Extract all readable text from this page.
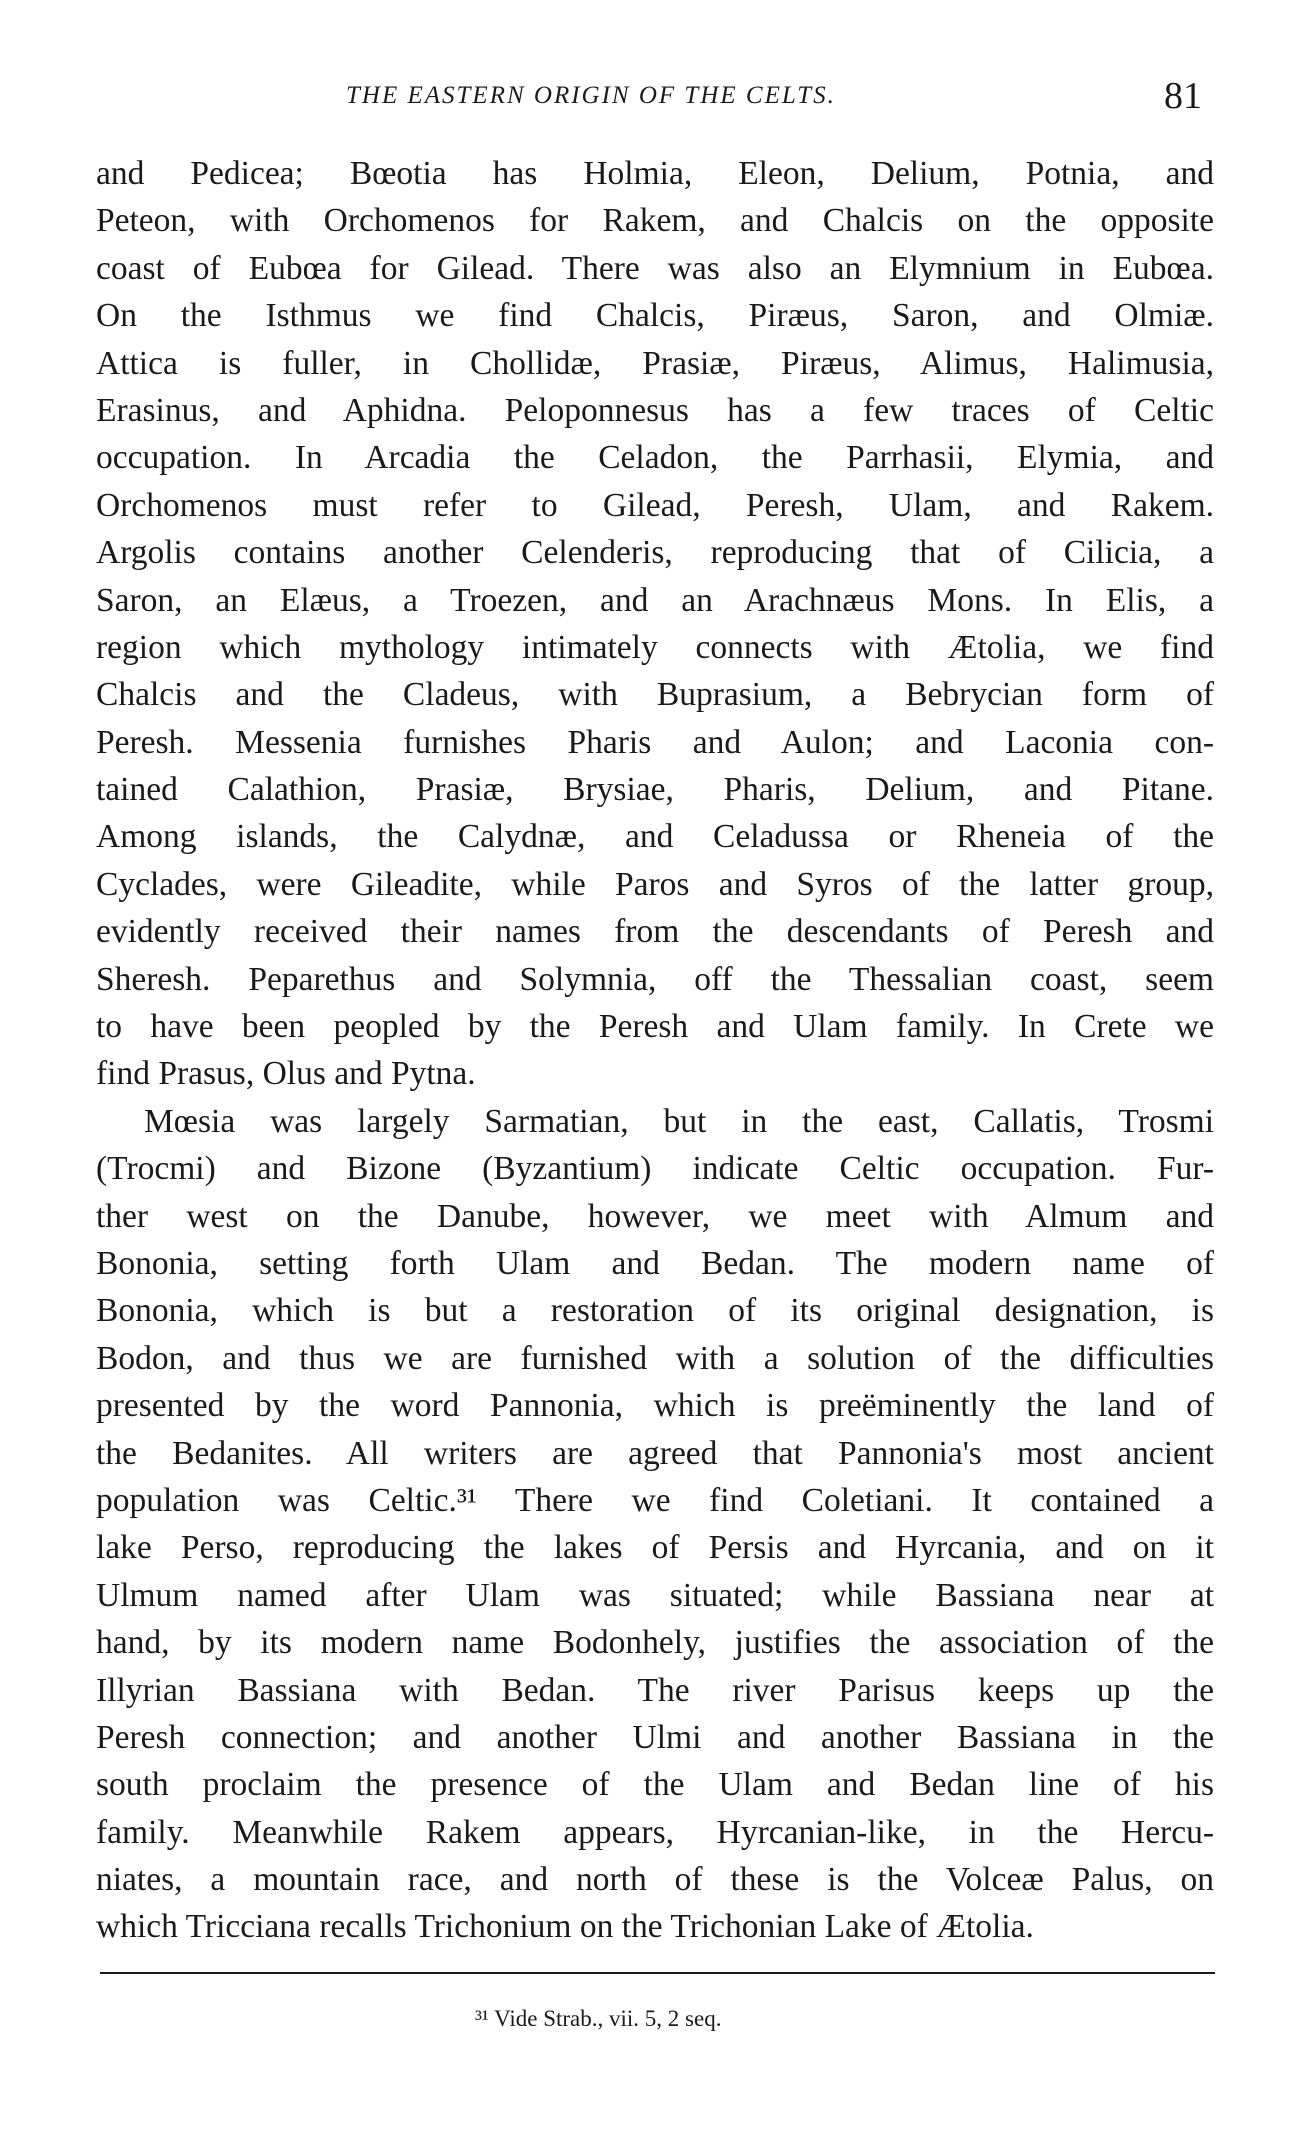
THE EASTERN ORIGIN OF THE CELTS.	81
and Pedicea; Bœotia has Holmia, Eleon, Delium, Potnia, and
Peteon, with Orchomenos for Rakem, and Chalcis on the opposite
coast of Eubœa for Gilead. There was also an Elymnium in Eubœa.
On the Isthmus we find Chalcis, Piræus, Saron, and Olmiæ.
Attica is fuller, in Chollidæ, Prasiæ, Piræus, Alimus, Halimusia,
Erasinus, and Aphidna. Peloponnesus has a few traces of Celtic
occupation. In Arcadia the Celadon, the Parrhasii, Elymia, and
Orchomenos must refer to Gilead, Peresh, Ulam, and Rakem.
Argolis contains another Celenderis, reproducing that of Cilicia, a
Saron, an Elæus, a Troezen, and an Arachnæus Mons. In Elis, a
region which mythology intimately connects with Ætolia, we find
Chalcis and the Cladeus, with Buprasium, a Bebrycian form of
Peresh. Messenia furnishes Pharis and Aulon; and Laconia con-
tained Calathion, Prasiæ, Brysiae, Pharis, Delium, and Pitane.
Among islands, the Calydnæ, and Celadussa or Rheneia of the
Cyclades, were Gileadite, while Paros and Syros of the latter group,
evidently received their names from the descendants of Peresh and
Sheresh. Peparethus and Solymnia, off the Thessalian coast, seem
to have been peopled by the Peresh and Ulam family. In Crete we
find Prasus, Olus and Pytna.
Mœsia was largely Sarmatian, but in the east, Callatis, Trosmi
(Trocmi) and Bizone (Byzantium) indicate Celtic occupation. Fur-
ther west on the Danube, however, we meet with Almum and
Bononia, setting forth Ulam and Bedan. The modern name of
Bononia, which is but a restoration of its original designation, is
Bodon, and thus we are furnished with a solution of the difficulties
presented by the word Pannonia, which is preëminently the land of
the Bedanites. All writers are agreed that Pannonia's most ancient
population was Celtic.³¹ There we find Coletiani. It contained a
lake Perso, reproducing the lakes of Persis and Hyrcania, and on it
Ulmum named after Ulam was situated; while Bassiana near at
hand, by its modern name Bodonhely, justifies the association of the
Illyrian Bassiana with Bedan. The river Parisus keeps up the
Peresh connection; and another Ulmi and another Bassiana in the
south proclaim the presence of the Ulam and Bedan line of his
family. Meanwhile Rakem appears, Hyrcanian-like, in the Hercu-
niates, a mountain race, and north of these is the Volceæ Palus, on
which Tricciana recalls Trichonium on the Trichonian Lake of Ætolia.
³¹ Vide Strab., vii. 5, 2 seq.
